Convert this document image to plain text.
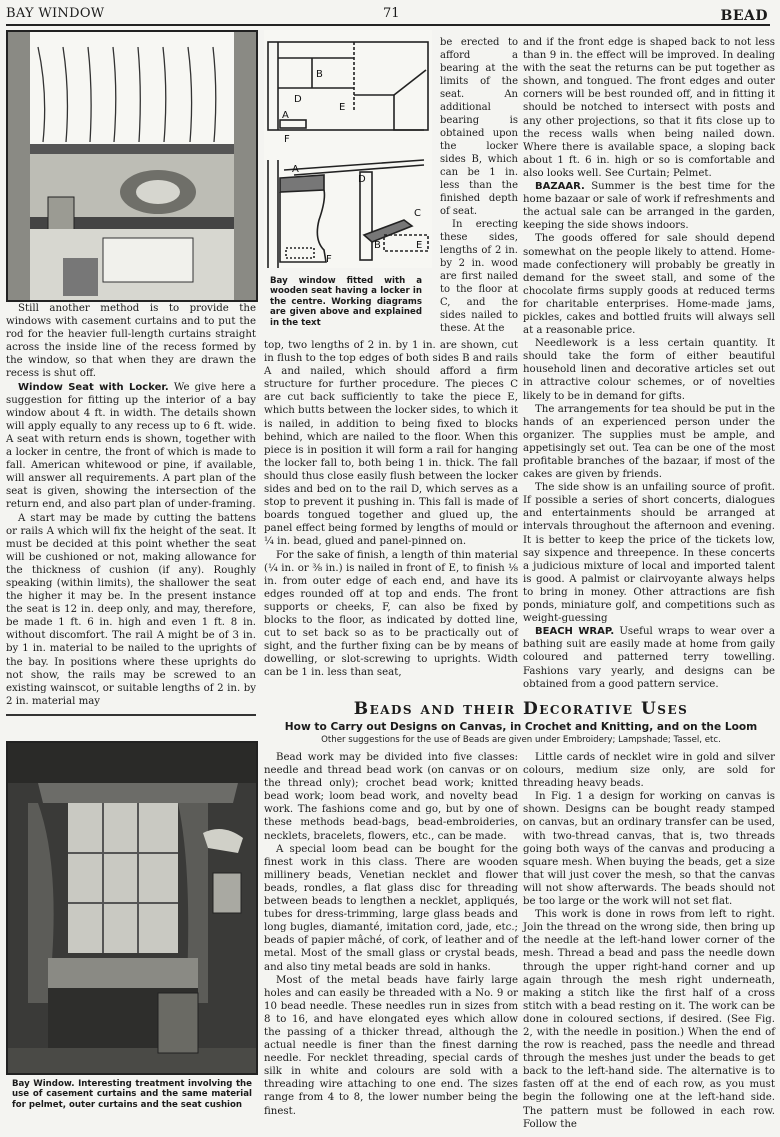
BAY WINDOW	71	BEAD
B
D
E
A
F
A
D
C
B	E
F
Bay window fitted with a wooden seat having a locker in the centre. Working diagrams are given above and explained in the text

Still another method is to provide the windows with casement curtains and to put the rod for the heavier full-length curtains straight across the inside line of the recess formed by the window, so that when they are drawn the recess is shut off.

Window Seat with Locker. We give here a suggestion for fitting up the interior of a bay window about 4 ft. in width. The details shown will apply equally to any recess up to 6 ft. wide. A seat with return ends is shown, together with a locker in centre, the front of which is made to fall. American whitewood or pine, if available, will answer all requirements. A part plan of the seat is given, showing the intersection of the return end, and also part plan of under-framing.

A start may be made by cutting the battens or rails A which will fix the height of the seat. It must be decided at this point whether the seat will be cushioned or not, making allowance for the thickness of cushion (if any). Roughly speaking (within limits), the shallower the seat the higher it may be. In the present instance the seat is 12 in. deep only, and may, therefore, be made 1 ft. 6 in. high and even 1 ft. 8 in. without discomfort. The rail A might be of 3 in. by 1 in. material to be nailed to the uprights of the bay. In positions where these uprights do not show, the rails may be screwed to an existing wainscot, or suitable lengths of 2 in. by 2 in. material may

be erected to afford a bearing at the limits of the seat. An additional bearing is obtained upon the locker sides B, which can be 1 in. less than the finished depth of seat.

In erecting these sides, lengths of 2 in. by 2 in. wood are first nailed to the floor at C, and the sides nailed to these. At the

top, two lengths of 2 in. by 1 in. are shown, cut in flush to the top edges of both sides B and rails A and nailed, which should afford a firm structure for further procedure. The pieces C are cut back sufficiently to take the piece E, which butts between the locker sides, to which it is nailed, in addition to being fixed to blocks behind, which are nailed to the floor. When this piece is in position it will form a rail for hanging the locker fall to, both being 1 in. thick. The fall should thus close easily flush between the locker sides and bed on to the rail D, which serves as a stop to prevent it pushing in. This fall is made of boards tongued together and glued up, the panel effect being formed by lengths of mould or ¼ in. bead, glued and panel-pinned on.

For the sake of finish, a length of thin material (¼ in. or ⅜ in.) is nailed in front of E, to finish ⅛ in. from outer edge of each end, and have its edges rounded off at top and ends. The front supports or cheeks, F, can also be fixed by blocks to the floor, as indicated by dotted line, cut to set back so as to be practically out of sight, and the further fixing can be by means of dowelling, or slot-screwing to uprights. Width can be 1 in. less than seat,

and if the front edge is shaped back to not less than 9 in. the effect will be improved. In dealing with the seat the returns can be put together as shown, and tongued. The front edges and outer corners will be best rounded off, and in fitting it should be notched to intersect with posts and any other projections, so that it fits close up to the recess walls when being nailed down. Where there is available space, a sloping back about 1 ft. 6 in. high or so is comfortable and also looks well. See Curtain; Pelmet.

BAZAAR. Summer is the best time for the home bazaar or sale of work if refreshments and the actual sale can be arranged in the garden, keeping the side shows indoors.

The goods offered for sale should depend somewhat on the people likely to attend. Home-made confectionery will probably be greatly in demand for the sweet stall, and some of the chocolate firms supply goods at reduced terms for charitable enterprises. Home-made jams, pickles, cakes and bottled fruits will always sell at a reasonable price.

Needlework is a less certain quantity. It should take the form of either beautiful household linen and decorative articles set out in attractive colour schemes, or of novelties likely to be in demand for gifts.

The arrangements for tea should be put in the hands of an experienced person under the organizer. The supplies must be ample, and appetisingly set out. Tea can be one of the most profitable branches of the bazaar, if most of the cakes are given by friends.

The side show is an unfailing source of profit. If possible a series of short concerts, dialogues and entertainments should be arranged at intervals throughout the afternoon and evening. It is better to keep the price of the tickets low, say sixpence and threepence. In these concerts a judicious mixture of local and imported talent is good. A palmist or clairvoyante always helps to bring in money. Other attractions are fish ponds, miniature golf, and competitions such as weight-guessing

BEACH WRAP. Useful wraps to wear over a bathing suit are easily made at home from gaily coloured and patterned terry towelling. Fashions vary yearly, and designs can be obtained from a good pattern service.

Beads and their Decorative Uses
How to Carry out Designs on Canvas, in Crochet and Knitting, and on the Loom
Other suggestions for the use of Beads are given under Embroidery; Lampshade; Tassel, etc.
Bay Window. Interesting treatment involving the use of casement curtains and the same material for pelmet, outer curtains and the seat cushion

Bead work may be divided into five classes: needle and thread bead work (on canvas or on the thread only); crochet bead work; knitted bead work; loom bead work, and novelty bead work. The fashions come and go, but by one of these methods bead-bags, bead-embroideries, necklets, bracelets, flowers, etc., can be made.

A special loom bead can be bought for the finest work in this class. There are wooden millinery beads, Venetian necklet and flower beads, rondles, a flat glass disc for threading between beads to lengthen a necklet, appliqués, tubes for dress-trimming, large glass beads and long bugles, diamanté, imitation cord, jade, etc.; beads of papier mâché, of cork, of leather and of metal. Most of the small glass or crystal beads, and also tiny metal beads are sold in hanks.

Most of the metal beads have fairly large holes and can easily be threaded with a No. 9 or 10 bead needle. These needles run in sizes from 8 to 16, and have elongated eyes which allow the passing of a thicker thread, although the actual needle is finer than the finest darning needle. For necklet threading, special cards of silk in white and colours are sold with a threading wire attaching to one end. The sizes range from 4 to 8, the lower number being the finest.

Little cards of necklet wire in gold and silver colours, medium size only, are sold for threading heavy beads.

In Fig. 1 a design for working on canvas is shown. Designs can be bought ready stamped on canvas, but an ordinary transfer can be used, with two-thread canvas, that is, two threads going both ways of the canvas and producing a square mesh. When buying the beads, get a size that will just cover the mesh, so that the canvas will not show afterwards. The beads should not be too large or the work will not set flat.

This work is done in rows from left to right. Join the thread on the wrong side, then bring up the needle at the left-hand lower corner of the mesh. Thread a bead and pass the needle down through the upper right-hand corner and up again through the mesh right underneath, making a stitch like the first half of a cross stitch with a bead resting on it. The work can be done in coloured sections, if desired. (See Fig. 2, with the needle in position.) When the end of the row is reached, pass the needle and thread through the meshes just under the beads to get back to the left-hand side. The alternative is to fasten off at the end of each row, as you must begin the following one at the left-hand side. The pattern must be followed in each row. Follow the
